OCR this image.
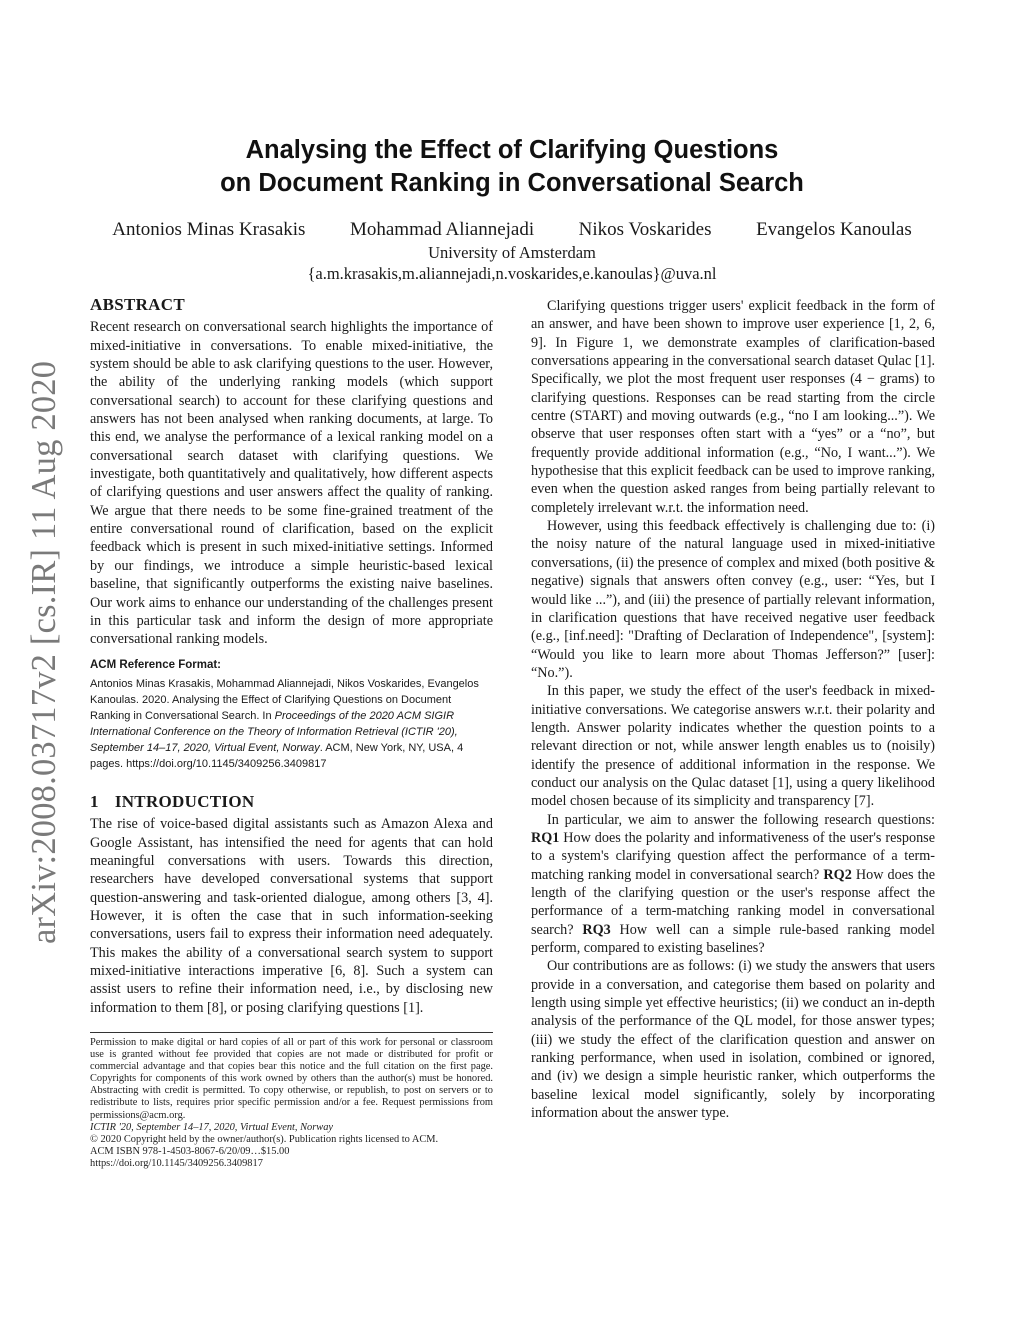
arXiv:2008.03717v2 [cs.IR] 11 Aug 2020
Analysing the Effect of Clarifying Questions
on Document Ranking in Conversational Search
Antonios Minas Krasakis Mohammad Aliannejadi Nikos Voskarides Evangelos Kanoulas
University of Amsterdam
{a.m.krasakis,m.aliannejadi,n.voskarides,e.kanoulas}@uva.nl
ABSTRACT

Recent research on conversational search highlights the importance of mixed-initiative in conversations. To enable mixed-initiative, the system should be able to ask clarifying questions to the user. However, the ability of the underlying ranking models (which support conversational search) to account for these clarifying questions and answers has not been analysed when ranking documents, at large. To this end, we analyse the performance of a lexical ranking model on a conversational search dataset with clarifying questions. We investigate, both quantitatively and qualitatively, how different aspects of clarifying questions and user answers affect the quality of ranking. We argue that there needs to be some fine-grained treatment of the entire conversational round of clarification, based on the explicit feedback which is present in such mixed-initiative settings. Informed by our findings, we introduce a simple heuristic-based lexical baseline, that significantly outperforms the existing naive baselines. Our work aims to enhance our understanding of the challenges present in this particular task and inform the design of more appropriate conversational ranking models.

ACM Reference Format:

Antonios Minas Krasakis, Mohammad Aliannejadi, Nikos Voskarides, Evangelos Kanoulas. 2020. Analysing the Effect of Clarifying Questions on Document Ranking in Conversational Search. In Proceedings of the 2020 ACM SIGIR International Conference on the Theory of Information Retrieval (ICTIR '20), September 14–17, 2020, Virtual Event, Norway. ACM, New York, NY, USA, 4 pages. https://doi.org/10.1145/3409256.3409817

1 INTRODUCTION

The rise of voice-based digital assistants such as Amazon Alexa and Google Assistant, has intensified the need for agents that can hold meaningful conversations with users. Towards this direction, researchers have developed conversational systems that support question-answering and task-oriented dialogue, among others [3, 4]. However, it is often the case that in such information-seeking conversations, users fail to express their information need adequately. This makes the ability of a conversational search system to support mixed-initiative interactions imperative [6, 8]. Such a system can assist users to refine their information need, i.e., by disclosing new information to them [8], or posing clarifying questions [1].

Permission to make digital or hard copies of all or part of this work for personal or classroom use is granted without fee provided that copies are not made or distributed for profit or commercial advantage and that copies bear this notice and the full citation on the first page. Copyrights for components of this work owned by others than the author(s) must be honored. Abstracting with credit is permitted. To copy otherwise, or republish, to post on servers or to redistribute to lists, requires prior specific permission and/or a fee. Request permissions from permissions@acm.org.

ICTIR '20, September 14–17, 2020, Virtual Event, Norway

© 2020 Copyright held by the owner/author(s). Publication rights licensed to ACM.

ACM ISBN 978-1-4503-8067-6/20/09…$15.00

https://doi.org/10.1145/3409256.3409817

Clarifying questions trigger users' explicit feedback in the form of an answer, and have been shown to improve user experience [1, 2, 6, 9]. In Figure 1, we demonstrate examples of clarification-based conversations appearing in the conversational search dataset Qulac [1]. Specifically, we plot the most frequent user responses (4 − grams) to clarifying questions. Responses can be read starting from the circle centre (START) and moving outwards (e.g., “no I am looking...”). We observe that user responses often start with a “yes” or a “no”, but frequently provide additional information (e.g., “No, I want...”). We hypothesise that this explicit feedback can be used to improve ranking, even when the question asked ranges from being partially relevant to completely irrelevant w.r.t. the information need.

However, using this feedback effectively is challenging due to: (i) the noisy nature of the natural language used in mixed-initiative conversations, (ii) the presence of complex and mixed (both positive & negative) signals that answers often convey (e.g., user: “Yes, but I would like ...”), and (iii) the presence of partially relevant information, in clarification questions that have received negative user feedback (e.g., [inf.need]: "Drafting of Declaration of Independence", [system]: “Would you like to learn more about Thomas Jefferson?” [user]: “No.”).

In this paper, we study the effect of the user's feedback in mixed-initiative conversations. We categorise answers w.r.t. their polarity and length. Answer polarity indicates whether the question points to a relevant direction or not, while answer length enables us to (noisily) identify the presence of additional information in the response. We conduct our analysis on the Qulac dataset [1], using a query likelihood model chosen because of its simplicity and transparency [7].

In particular, we aim to answer the following research questions: RQ1 How does the polarity and informativeness of the user's response to a system's clarifying question affect the performance of a term-matching ranking model in conversational search? RQ2 How does the length of the clarifying question or the user's response affect the performance of a term-matching ranking model in conversational search? RQ3 How well can a simple rule-based ranking model perform, compared to existing baselines?

Our contributions are as follows: (i) we study the answers that users provide in a conversation, and categorise them based on polarity and length using simple yet effective heuristics; (ii) we conduct an in-depth analysis of the performance of the QL model, for those answer types; (iii) we study the effect of the clarification question and answer on ranking performance, when used in isolation, combined or ignored, and (iv) we design a simple heuristic ranker, which outperforms the baseline lexical model significantly, solely by incorporating information about the answer type.
